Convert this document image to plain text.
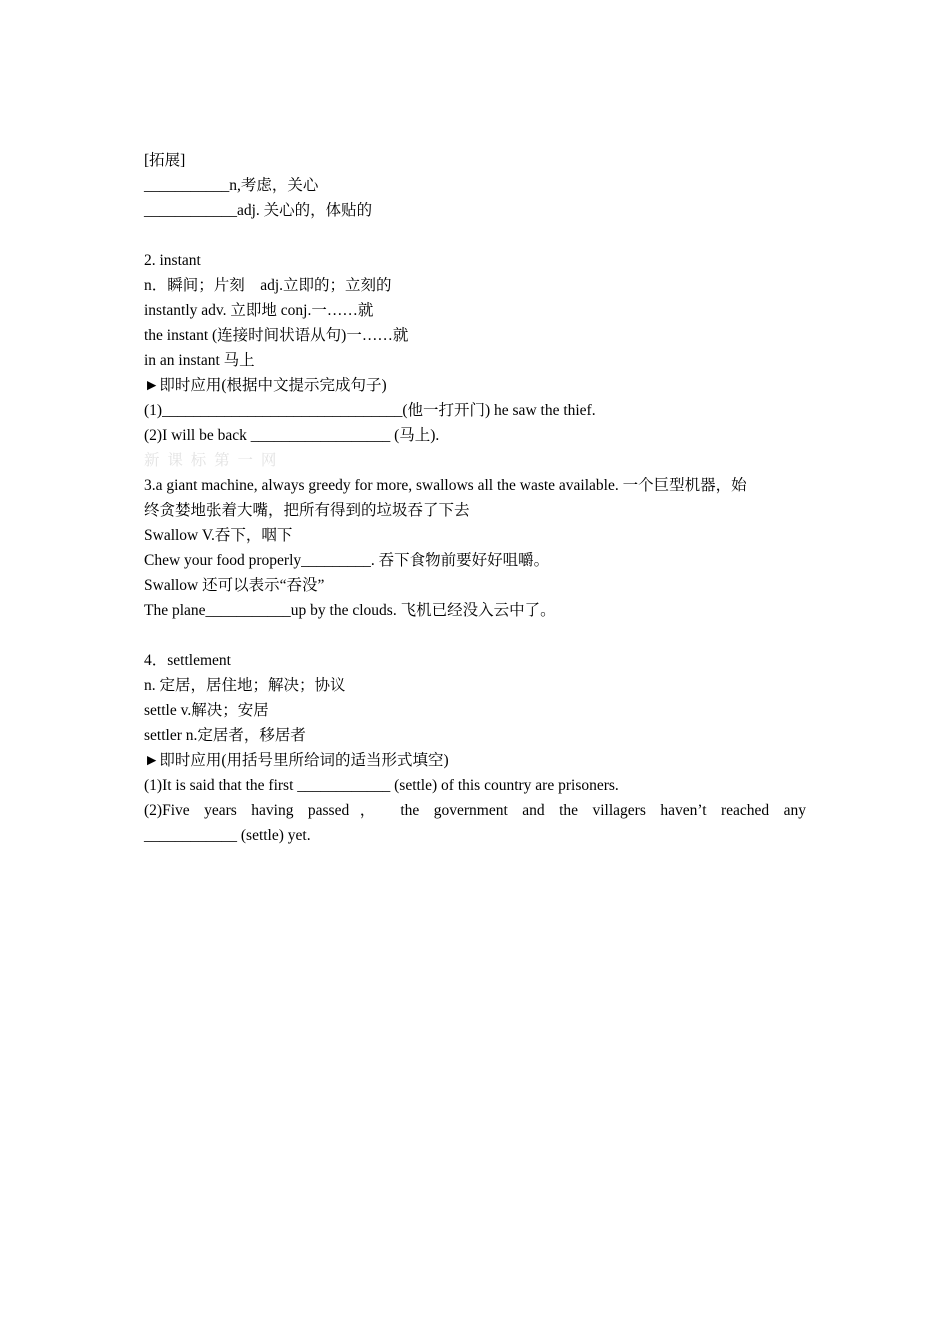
[拓展]
___________n,考虑，关心
____________adj. 关心的，体贴的
2. instant
n．瞬间；片刻　adj.立即的；立刻的
instantly adv. 立即地 conj.一……就
the instant (连接时间状语从句)一……就
in an instant 马上
►即时应用(根据中文提示完成句子)
(1)_______________________________(他一打开门) he saw the thief.
(2)I will be back __________________ (马上).
新 课 标 第 一 网
3.a giant machine, always greedy for more, swallows all the waste available. 一个巨型机器，始
终贪婪地张着大嘴，把所有得到的垃圾吞了下去
Swallow V.吞下，咽下
Chew your food properly_________. 吞下食物前要好好咀嚼。
Swallow 还可以表示“吞没”
The plane___________up by the clouds. 飞机已经没入云中了。
4．settlement
n. 定居，居住地；解决；协议
settle v.解决；安居
settler n.定居者，移居者
►即时应用(用括号里所给词的适当形式填空)
(1)It is said that the first ____________ (settle) of this country are prisoners.
(2)Five years having passed， the government and the villagers haven’t reached any
____________ (settle) yet.
